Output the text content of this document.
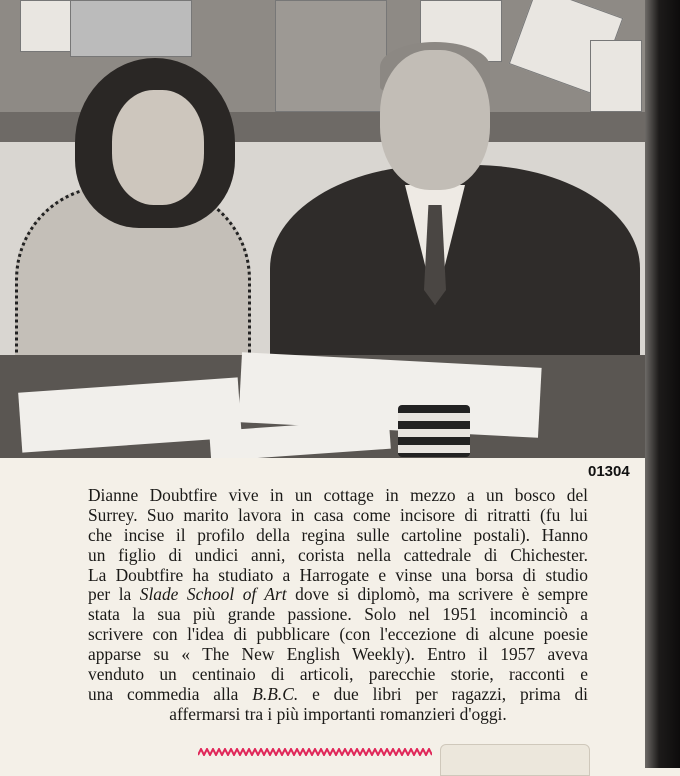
01304
Dianne Doubtfire vive in un cottage in mezzo a un bosco del
Surrey. Suo marito lavora in casa come incisore di ritratti (fu lui
che incise il profilo della regina sulle cartoline postali). Hanno
un figlio di undici anni, corista nella cattedrale di Chichester.
La Doubtfire ha studiato a Harrogate e vinse una borsa di studio
per la Slade School of Art dove si diplomò, ma scrivere è sempre
stata la sua più grande passione. Solo nel 1951 incominciò a
scrivere con l'idea di pubblicare (con l'eccezione di alcune poesie
apparse su « The New English Weekly). Entro il 1957 aveva
venduto un centinaio di articoli, parecchie storie, racconti e
una commedia alla B.B.C. e due libri per ragazzi, prima di
affermarsi tra i più importanti romanzieri d'oggi.
